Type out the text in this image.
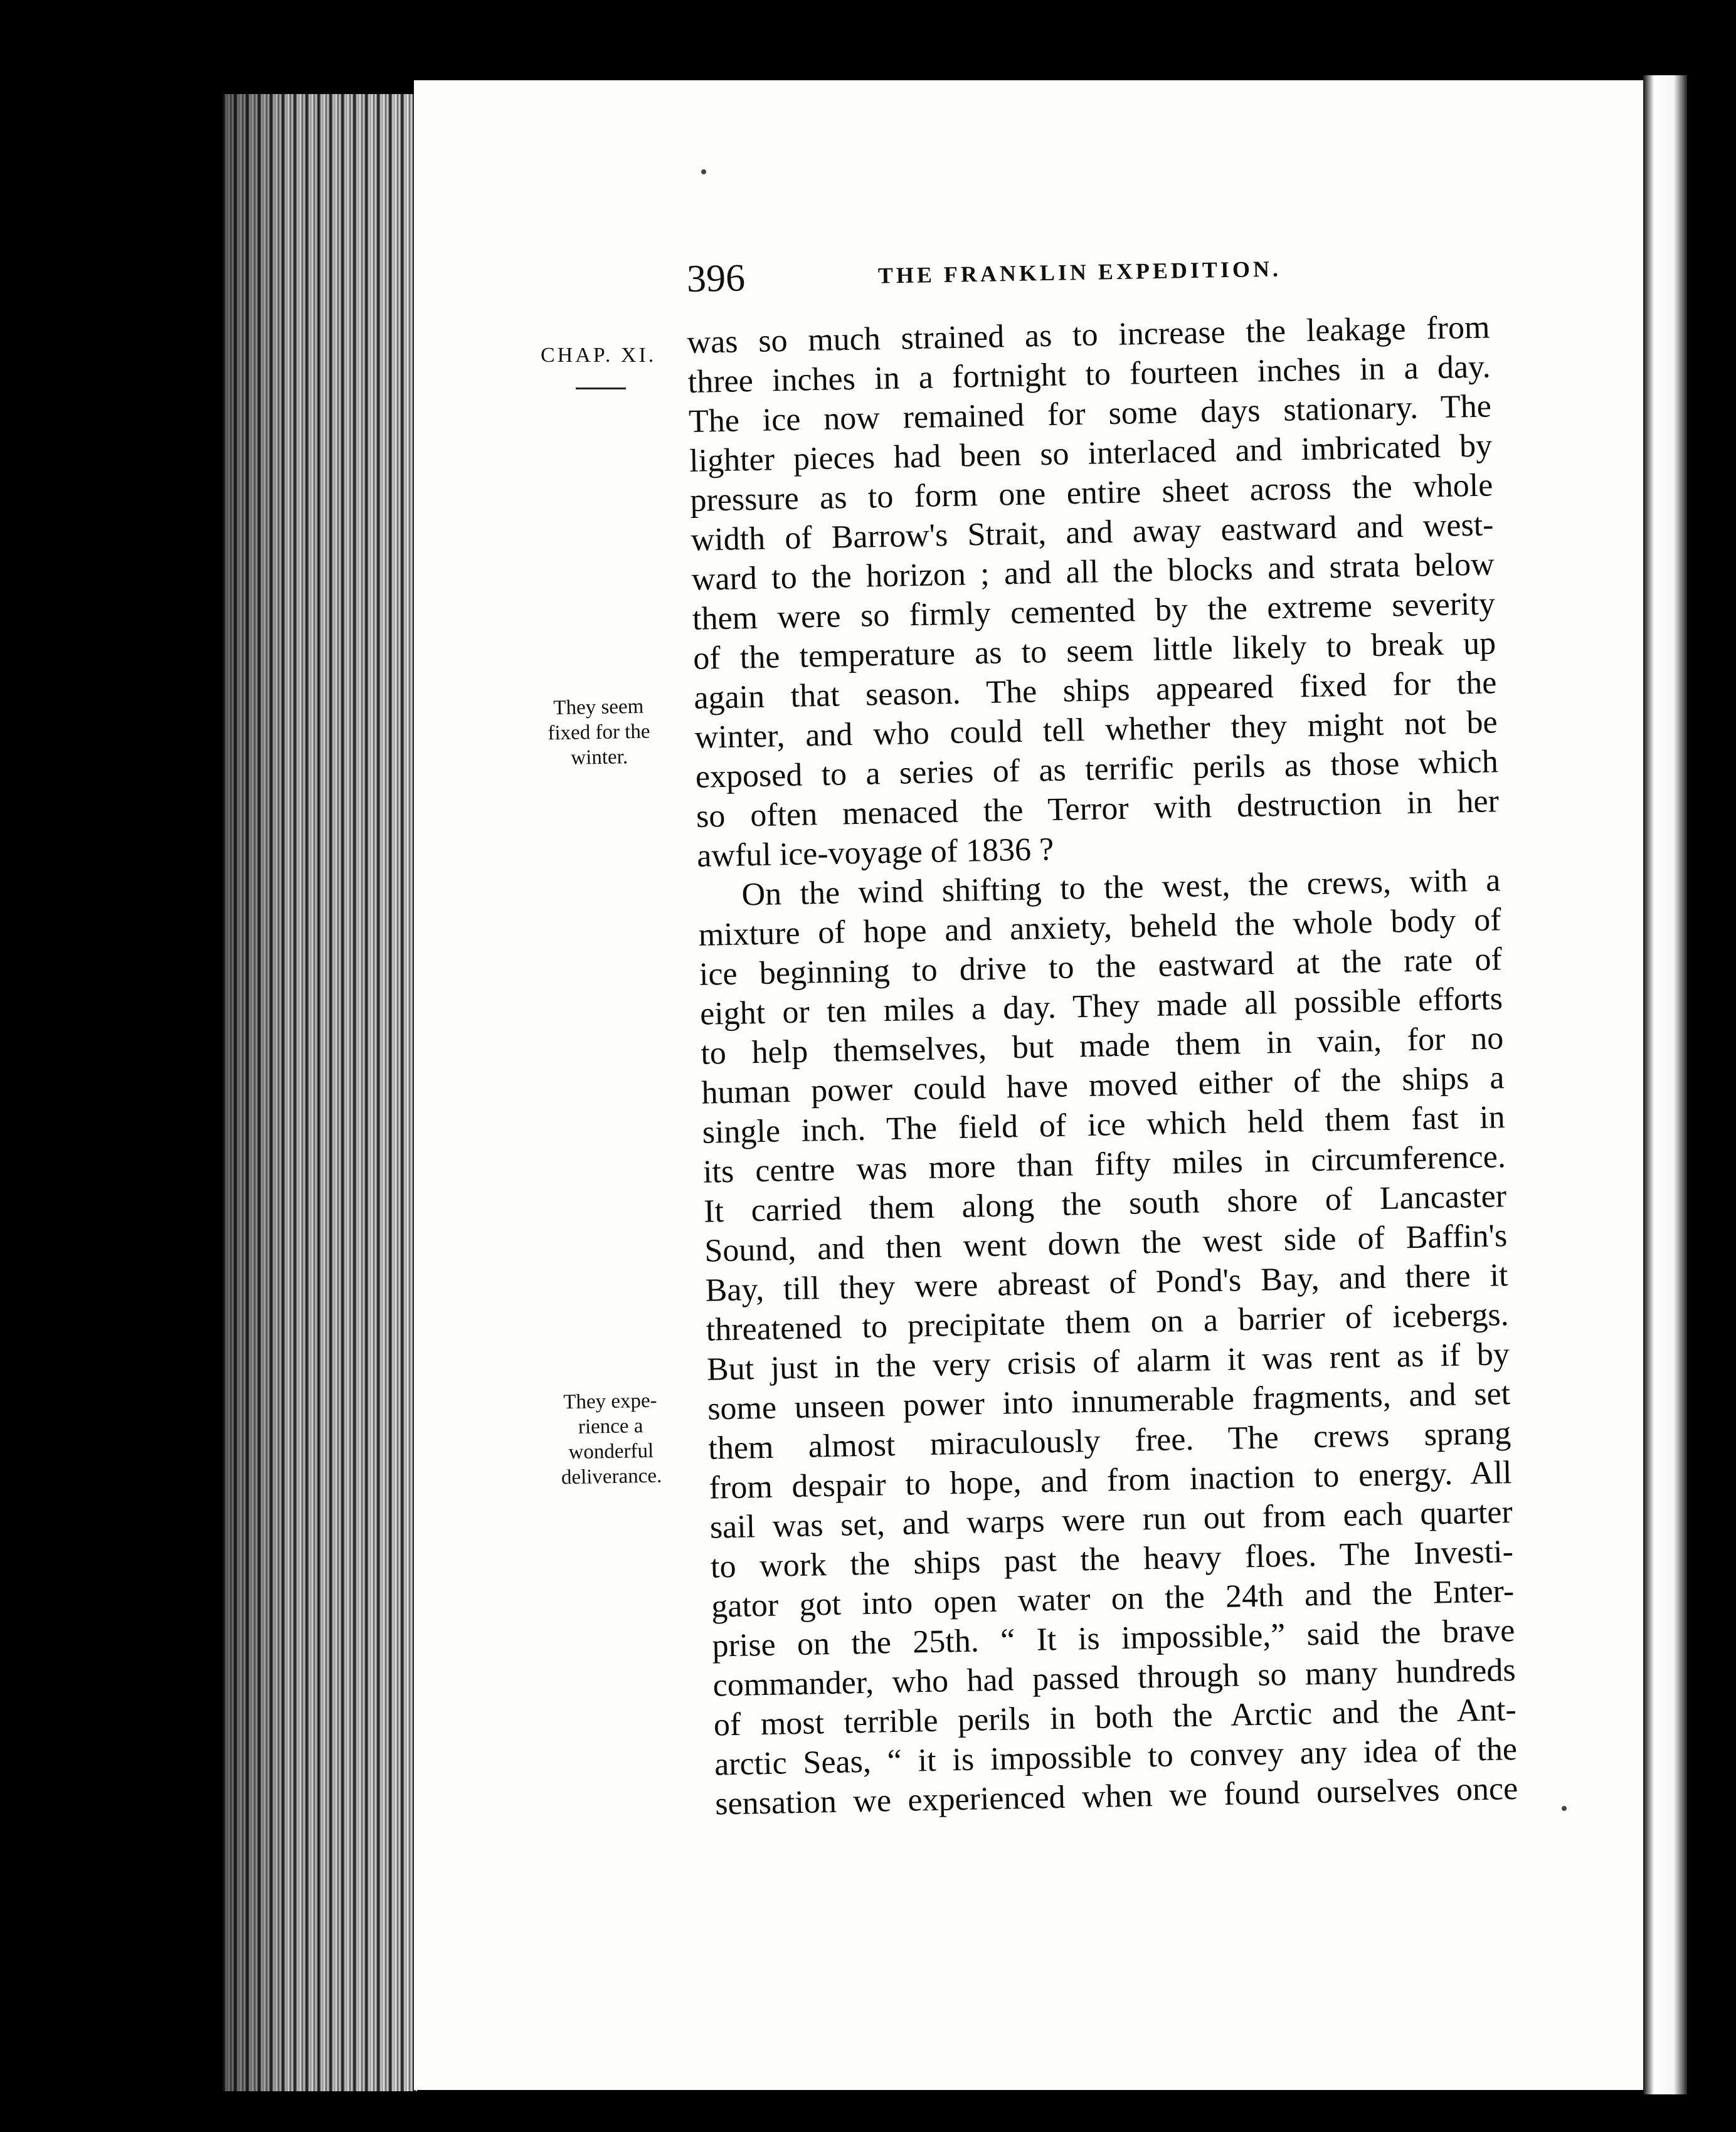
396	THE FRANKLIN EXPEDITION.
CHAP. XI.
They seem
fixed for the
winter.
They expe-
rience a
wonderful
deliverance.
was so much strained as to increase the leakage from
three inches in a fortnight to fourteen inches in a day.
The ice now remained for some days stationary. The
lighter pieces had been so interlaced and imbricated by
pressure as to form one entire sheet across the whole
width of Barrow's Strait, and away eastward and west-
ward to the horizon ; and all the blocks and strata below
them were so firmly cemented by the extreme severity
of the temperature as to seem little likely to break up
again that season. The ships appeared fixed for the
winter, and who could tell whether they might not be
exposed to a series of as terrific perils as those which
so often menaced the Terror with destruction in her
awful ice-voyage of 1836 ?
On the wind shifting to the west, the crews, with a
mixture of hope and anxiety, beheld the whole body of
ice beginning to drive to the eastward at the rate of
eight or ten miles a day. They made all possible efforts
to help themselves, but made them in vain, for no
human power could have moved either of the ships a
single inch. The field of ice which held them fast in
its centre was more than fifty miles in circumference.
It carried them along the south shore of Lancaster
Sound, and then went down the west side of Baffin's
Bay, till they were abreast of Pond's Bay, and there it
threatened to precipitate them on a barrier of icebergs.
But just in the very crisis of alarm it was rent as if by
some unseen power into innumerable fragments, and set
them almost miraculously free. The crews sprang
from despair to hope, and from inaction to energy. All
sail was set, and warps were run out from each quarter
to work the ships past the heavy floes. The Investi-
gator got into open water on the 24th and the Enter-
prise on the 25th. “ It is impossible,” said the brave
commander, who had passed through so many hundreds
of most terrible perils in both the Arctic and the Ant-
arctic Seas, “ it is impossible to convey any idea of the
sensation we experienced when we found ourselves once
